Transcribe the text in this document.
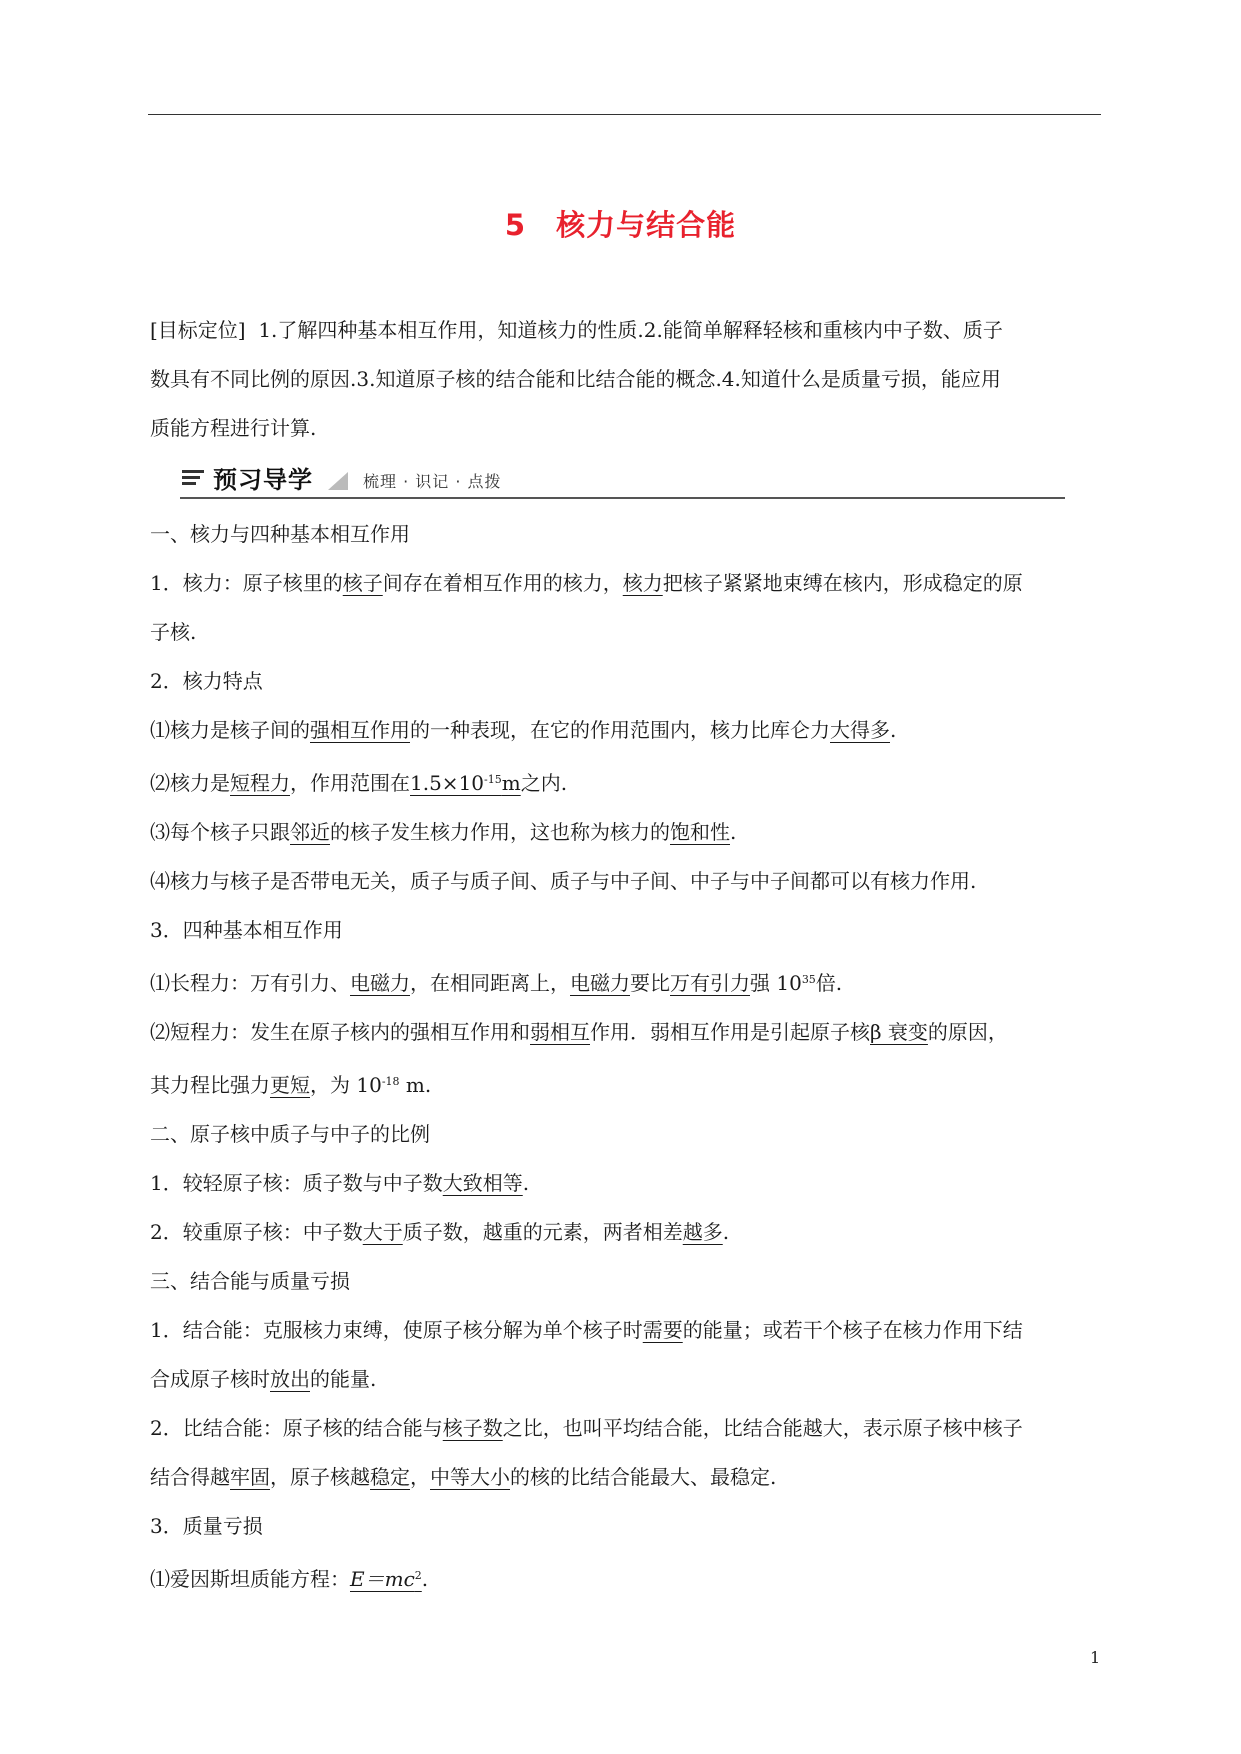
5 核力与结合能

[目标定位] 1.了解四种基本相互作用，知道核力的性质.2.能简单解释轻核和重核内中子数、质子

数具有不同比例的原因.3.知道原子核的结合能和比结合能的概念.4.知道什么是质量亏损，能应用

质能方程进行计算.

预习导学	梳理 · 识记 · 点拨

一、核力与四种基本相互作用

1．核力：原子核里的核子间存在着相互作用的核力，核力把核子紧紧地束缚在核内，形成稳定的原

子核.

2．核力特点

⑴核力是核子间的强相互作用的一种表现，在它的作用范围内，核力比库仑力大得多.

⑵核力是短程力，作用范围在$1.5\times 10^{-15}m$之内.

⑶每个核子只跟邻近的核子发生核力作用，这也称为核力的饱和性.

⑷核力与核子是否带电无关，质子与质子间、质子与中子间、中子与中子间都可以有核力作用.

3．四种基本相互作用

⑴长程力：万有引力、电磁力，在相同距离上，电磁力要比万有引力强 $10^{35}$倍.

⑵短程力：发生在原子核内的强相互作用和弱相互作用．弱相互作用是引起原子核β 衰变的原因，

其力程比强力更短，为 $10^{-18}$ m.

二、原子核中质子与中子的比例

1．较轻原子核：质子数与中子数大致相等.

2．较重原子核：中子数大于质子数，越重的元素，两者相差越多.

三、结合能与质量亏损

1．结合能：克服核力束缚，使原子核分解为单个核子时需要的能量；或若干个核子在核力作用下结

合成原子核时放出的能量.

2．比结合能：原子核的结合能与核子数之比，也叫平均结合能，比结合能越大，表示原子核中核子

结合得越牢固，原子核越稳定，中等大小的核的比结合能最大、最稳定.

3．质量亏损

⑴爱因斯坦质能方程：$E=mc^2$.

1
